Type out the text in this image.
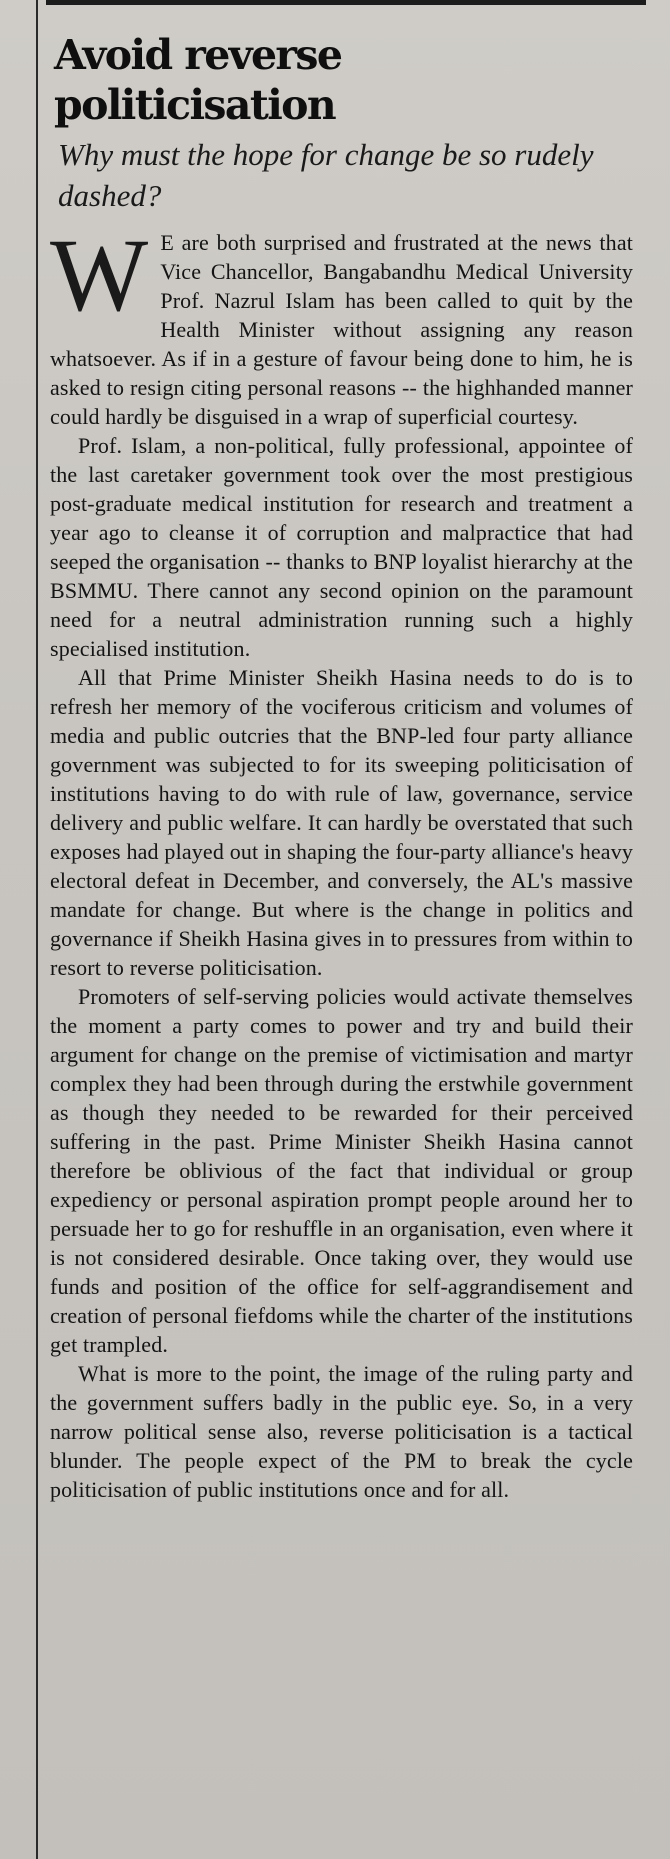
Avoid reverse politicisation
Why must the hope for change be so rudely dashed?

W E are both surprised and frustrated at the news that Vice Chancellor, Bangabandhu Medical University Prof. Nazrul Islam has been called to quit by the Health Minister without assigning any reason whatsoever. As if in a gesture of favour being done to him, he is asked to resign citing personal reasons -- the highhanded manner could hardly be disguised in a wrap of superficial courtesy.

Prof. Islam, a non-political, fully professional, appointee of the last caretaker government took over the most prestigious post-graduate medical institution for research and treatment a year ago to cleanse it of corruption and malpractice that had seeped the organisation -- thanks to BNP loyalist hierarchy at the BSMMU. There cannot any second opinion on the paramount need for a neutral administration running such a highly specialised institution.

All that Prime Minister Sheikh Hasina needs to do is to refresh her memory of the vociferous criticism and volumes of media and public outcries that the BNP-led four party alliance government was subjected to for its sweeping politicisation of institutions having to do with rule of law, governance, service delivery and public welfare. It can hardly be overstated that such exposes had played out in shaping the four-party alliance's heavy electoral defeat in December, and conversely, the AL's massive mandate for change. But where is the change in politics and governance if Sheikh Hasina gives in to pressures from within to resort to reverse politicisation.

Promoters of self-serving policies would activate themselves the moment a party comes to power and try and build their argument for change on the premise of victimisation and martyr complex they had been through during the erstwhile government as though they needed to be rewarded for their perceived suffering in the past. Prime Minister Sheikh Hasina cannot therefore be oblivious of the fact that individual or group expediency or personal aspiration prompt people around her to persuade her to go for reshuffle in an organisation, even where it is not considered desirable. Once taking over, they would use funds and position of the office for self-aggrandisement and creation of personal fiefdoms while the charter of the institutions get trampled.

What is more to the point, the image of the ruling party and the government suffers badly in the public eye. So, in a very narrow political sense also, reverse politicisation is a tactical blunder. The people expect of the PM to break the cycle politicisation of public institutions once and for all.
